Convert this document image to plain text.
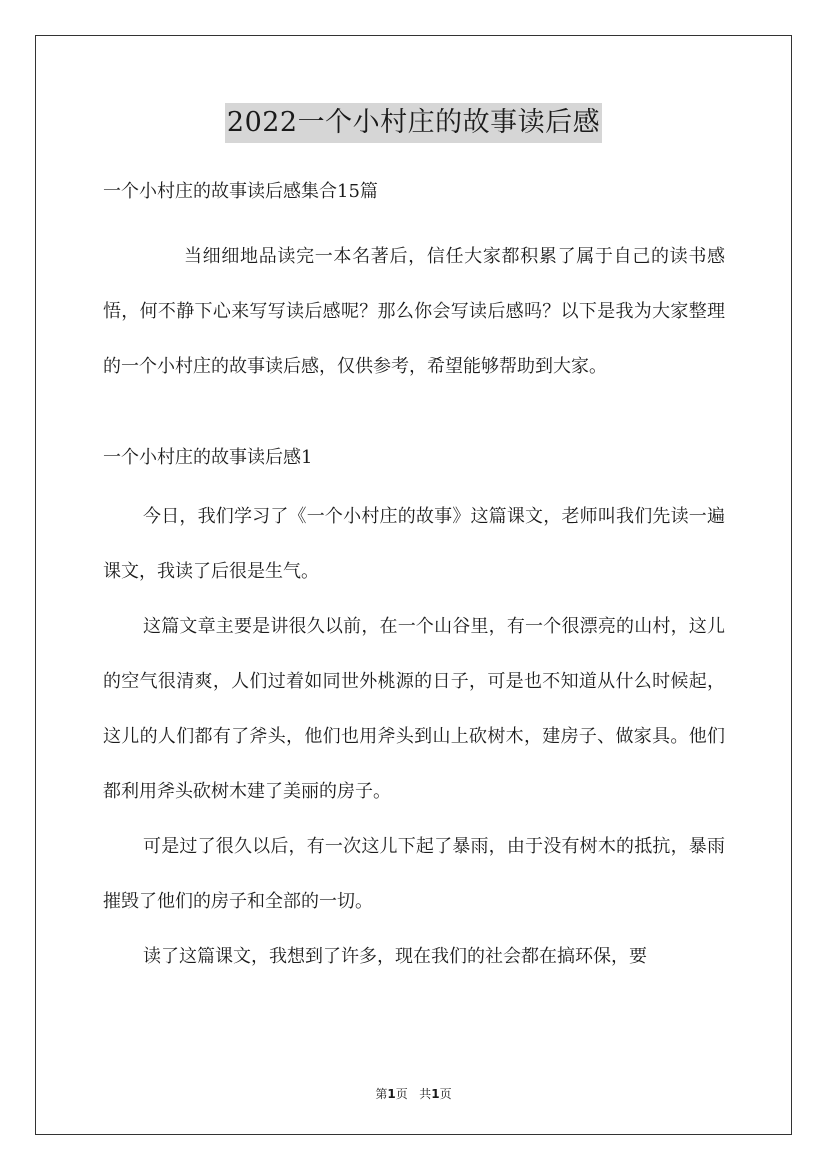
2022一个小村庄的故事读后感

一个小村庄的故事读后感集合15篇

当细细地品读完一本名著后，信任大家都积累了属于自己的读书感悟，何不静下心来写写读后感呢？那么你会写读后感吗？以下是我为大家整理的一个小村庄的故事读后感，仅供参考，希望能够帮助到大家。

一个小村庄的故事读后感1

今日，我们学习了《一个小村庄的故事》这篇课文，老师叫我们先读一遍课文，我读了后很是生气。

这篇文章主要是讲很久以前，在一个山谷里，有一个很漂亮的山村，这儿的空气很清爽，人们过着如同世外桃源的日子，可是也不知道从什么时候起，这儿的人们都有了斧头，他们也用斧头到山上砍树木，建房子、做家具。他们都利用斧头砍树木建了美丽的房子。

可是过了很久以后，有一次这儿下起了暴雨，由于没有树木的抵抗，暴雨摧毁了他们的房子和全部的一切。

读了这篇课文，我想到了许多，现在我们的社会都在搞环保，要

第1页 共1页
